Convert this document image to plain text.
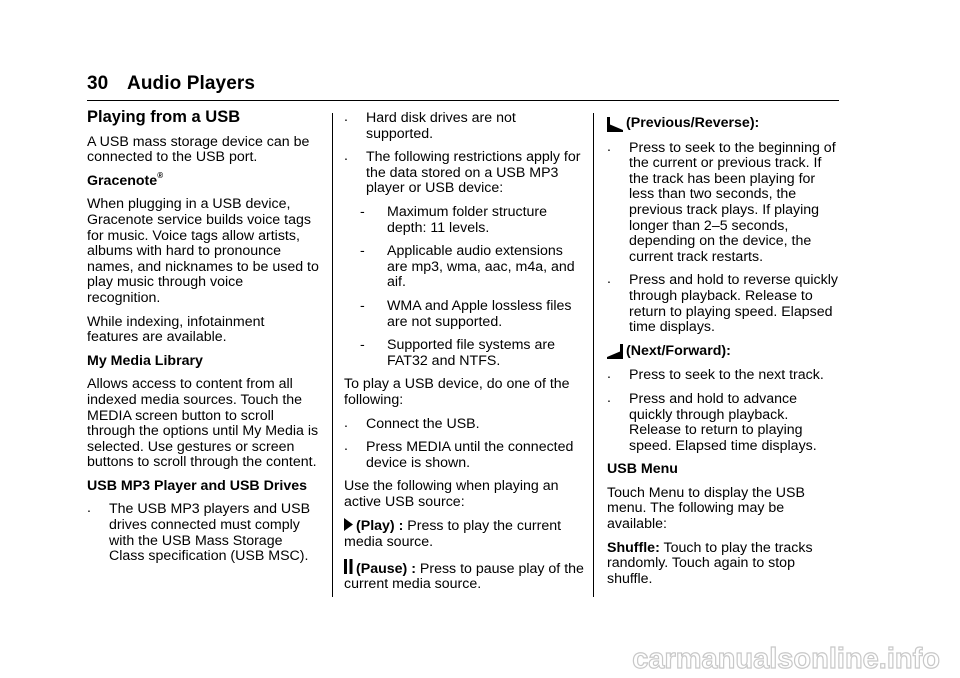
30 Audio Players
Playing from a USB

A USB mass storage device can be connected to the USB port.

Gracenote®

When plugging in a USB device, Gracenote service builds voice tags for music. Voice tags allow artists, albums with hard to pronounce names, and nicknames to be used to play music through voice recognition.

While indexing, infotainment features are available.

My Media Library

Allows access to content from all indexed media sources. Touch the MEDIA screen button to scroll through the options until My Media is selected. Use gestures or screen buttons to scroll through the content.

USB MP3 Player and USB Drives

. The USB MP3 players and USB drives connected must comply with the USB Mass Storage Class specification (USB MSC).
. Hard disk drives are not supported.
. The following restrictions apply for the data stored on a USB MP3 player or USB device:
- Maximum folder structure depth: 11 levels.
- Applicable audio extensions are mp3, wma, aac, m4a, and aif.
- WMA and Apple lossless files are not supported.
- Supported file systems are FAT32 and NTFS.

To play a USB device, do one of the following:

. Connect the USB.
. Press MEDIA until the connected device is shown.

Use the following when playing an active USB source:

(Play) : Press to play the current media source.

(Pause) : Press to pause play of the current media source.

(Previous/Reverse):
. Press to seek to the beginning of the current or previous track. If the track has been playing for less than two seconds, the previous track plays. If playing longer than 2–5 seconds, depending on the device, the current track restarts.
. Press and hold to reverse quickly through playback. Release to return to playing speed. Elapsed time displays.
(Next/Forward):
. Press to seek to the next track.
. Press and hold to advance quickly through playback. Release to return to playing speed. Elapsed time displays.

USB Menu

Touch Menu to display the USB menu. The following may be available:

Shuffle: Touch to play the tracks randomly. Touch again to stop shuffle.

carmanualsonline.info
